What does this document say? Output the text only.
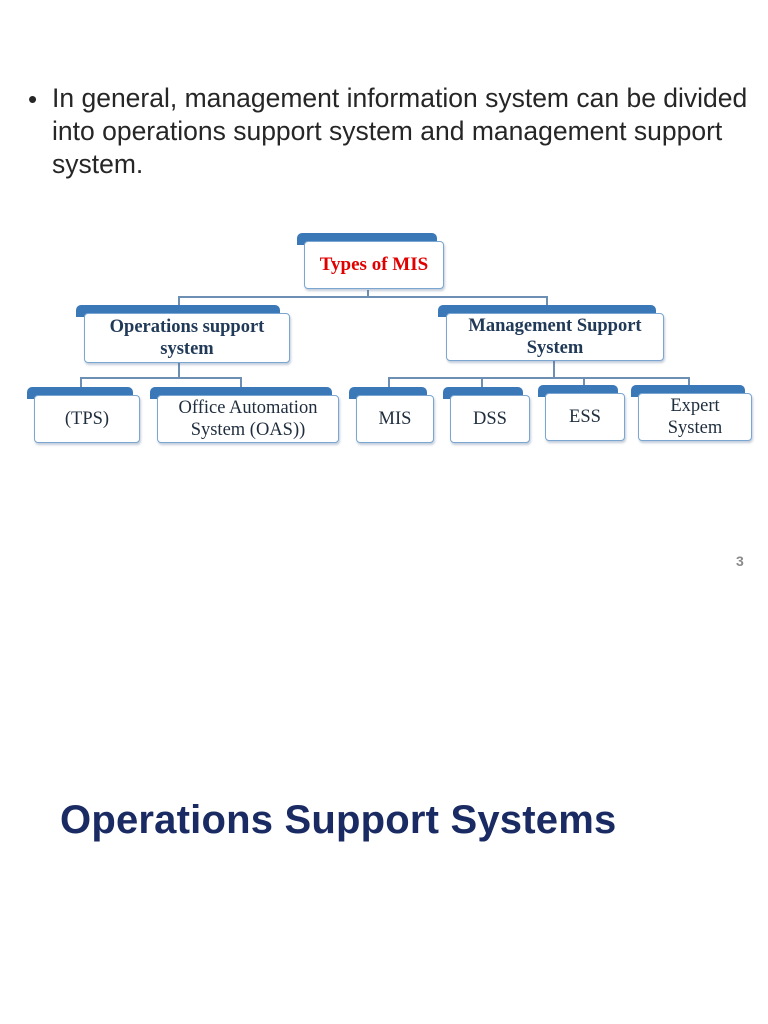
• In general, management information system can be divided into operations support system and management support system.
Types of MIS
Operations support system
Management Support System
(TPS)
Office Automation System (OAS))
MIS	DSS	ESS
Expert System
3
Operations Support Systems
